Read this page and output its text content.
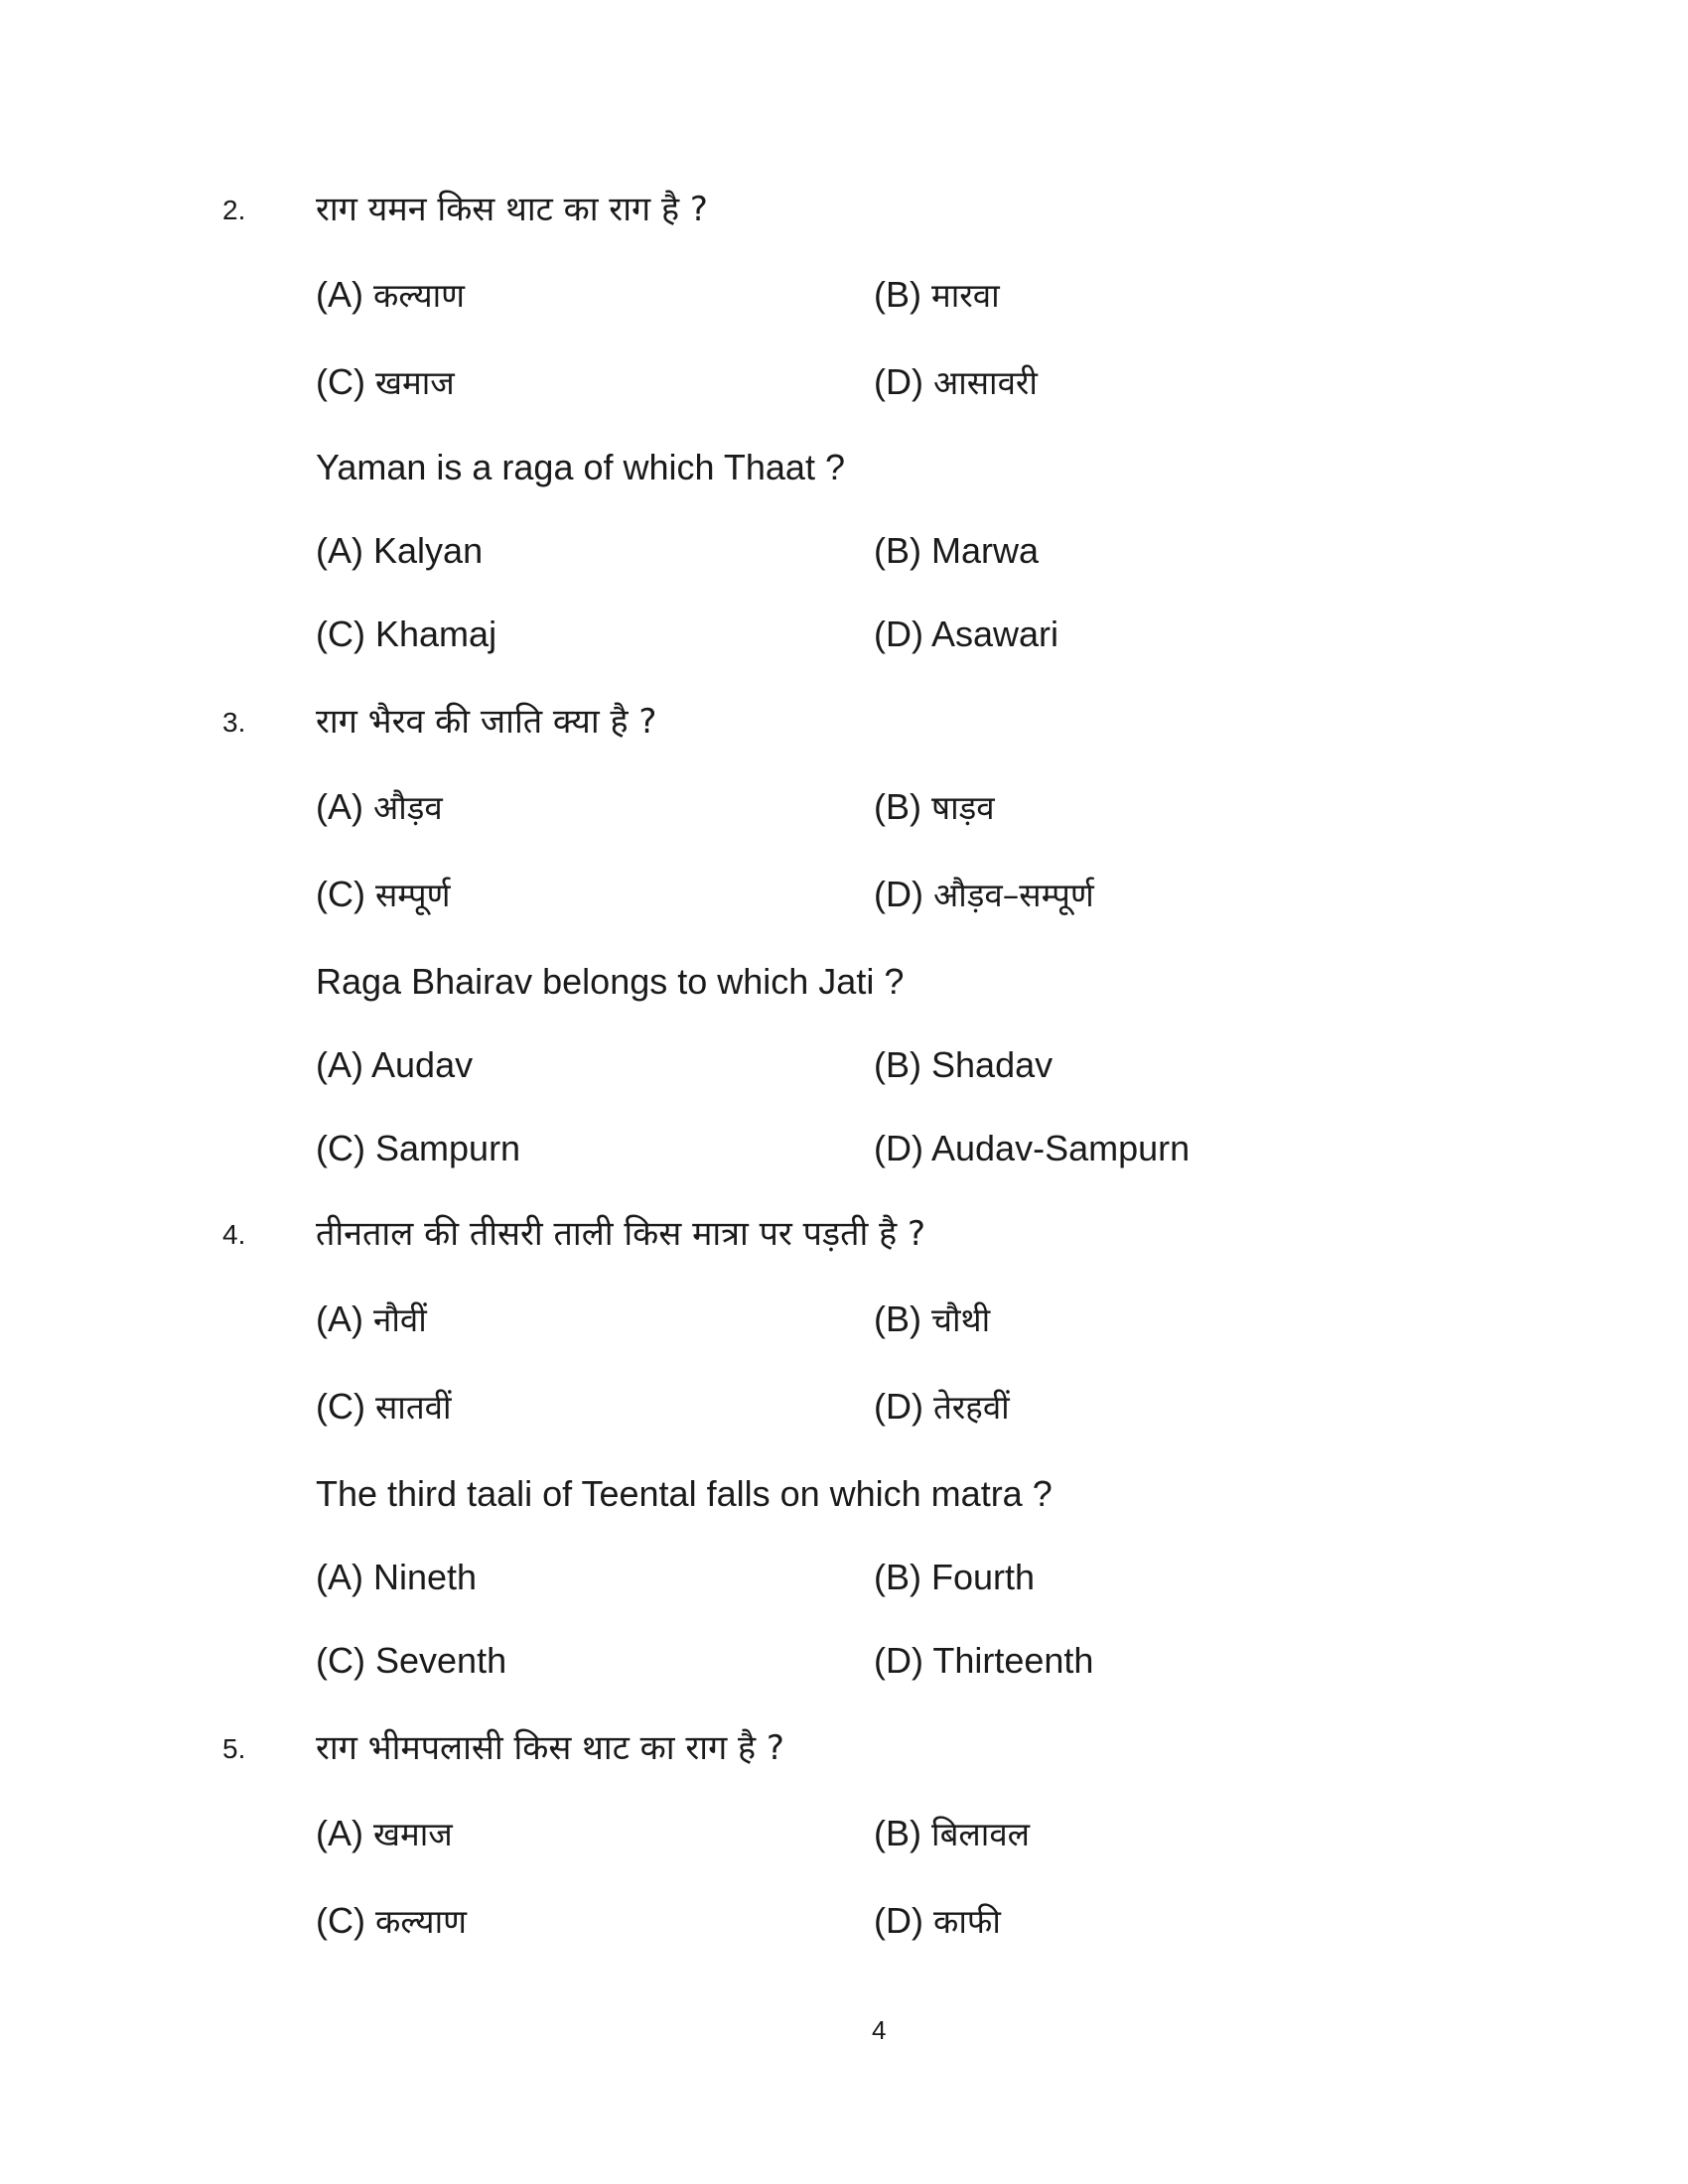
2. राग यमन किस थाट का राग है ?
(A) कल्याण	(B) मारवा
(C) खमाज	(D) आसावरी
Yaman is a raga of which Thaat ?
(A) Kalyan	(B) Marwa
(C) Khamaj	(D) Asawari
3. राग भैरव की जाति क्या है ?
(A) औड़व	(B) षाड़व
(C) सम्पूर्ण	(D) औड़व–सम्पूर्ण
Raga Bhairav belongs to which Jati ?
(A) Audav	(B) Shadav
(C) Sampurn	(D) Audav-Sampurn
4. तीनताल की तीसरी ताली किस मात्रा पर पड़ती है ?
(A) नौवीं	(B) चौथी
(C) सातवीं	(D) तेरहवीं
The third taali of Teental falls on which matra ?
(A) Nineth	(B) Fourth
(C) Seventh	(D) Thirteenth
5. राग भीमपलासी किस थाट का राग है ?
(A) खमाज	(B) बिलावल
(C) कल्याण	(D) काफी
4
